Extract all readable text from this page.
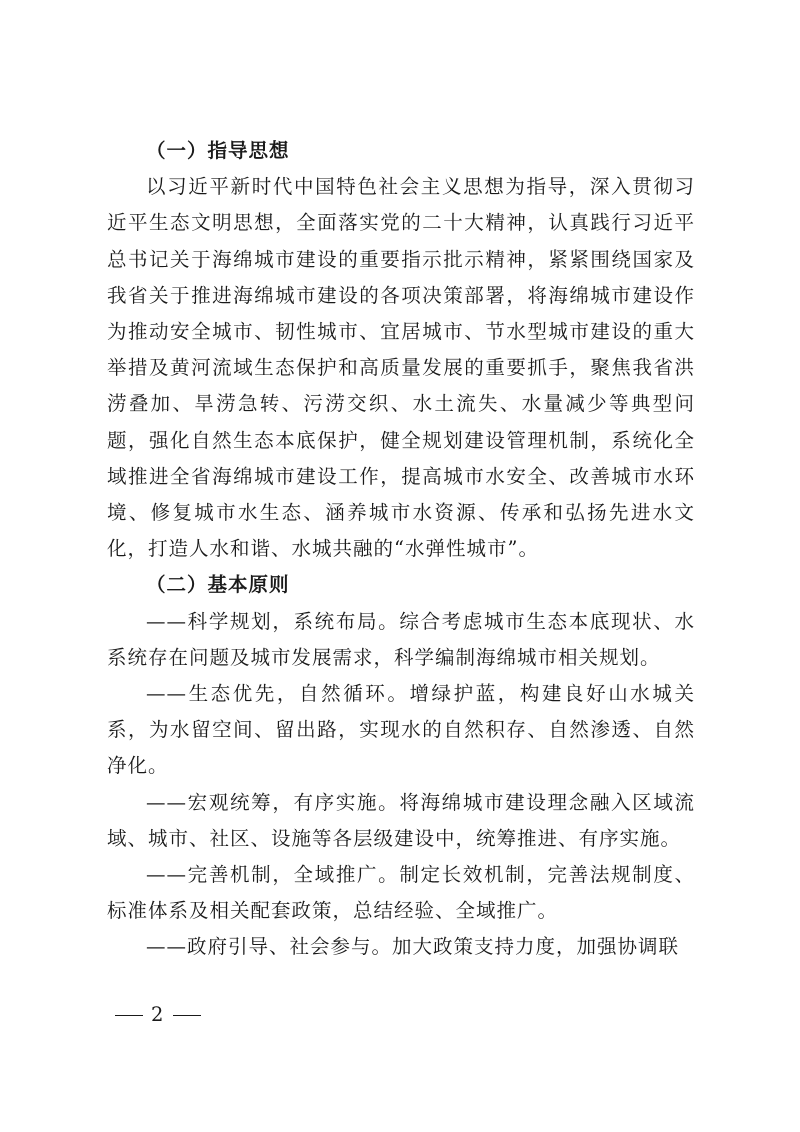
（一）指导思想

以习近平新时代中国特色社会主义思想为指导，深入贯彻习近平生态文明思想，全面落实党的二十大精神，认真践行习近平总书记关于海绵城市建设的重要指示批示精神，紧紧围绕国家及我省关于推进海绵城市建设的各项决策部署，将海绵城市建设作为推动安全城市、韧性城市、宜居城市、节水型城市建设的重大举措及黄河流域生态保护和高质量发展的重要抓手，聚焦我省洪涝叠加、旱涝急转、污涝交织、水土流失、水量减少等典型问题，强化自然生态本底保护，健全规划建设管理机制，系统化全域推进全省海绵城市建设工作，提高城市水安全、改善城市水环境、修复城市水生态、涵养城市水资源、传承和弘扬先进水文化，打造人水和谐、水城共融的“水弹性城市”。

（二）基本原则

——科学规划，系统布局。综合考虑城市生态本底现状、水系统存在问题及城市发展需求，科学编制海绵城市相关规划。

——生态优先，自然循环。增绿护蓝，构建良好山水城关系，为水留空间、留出路，实现水的自然积存、自然渗透、自然净化。

——宏观统筹，有序实施。将海绵城市建设理念融入区域流域、城市、社区、设施等各层级建设中，统筹推进、有序实施。

——完善机制，全域推广。制定长效机制，完善法规制度、标准体系及相关配套政策，总结经验、全域推广。

——政府引导、社会参与。加大政策支持力度，加强协调联

2
